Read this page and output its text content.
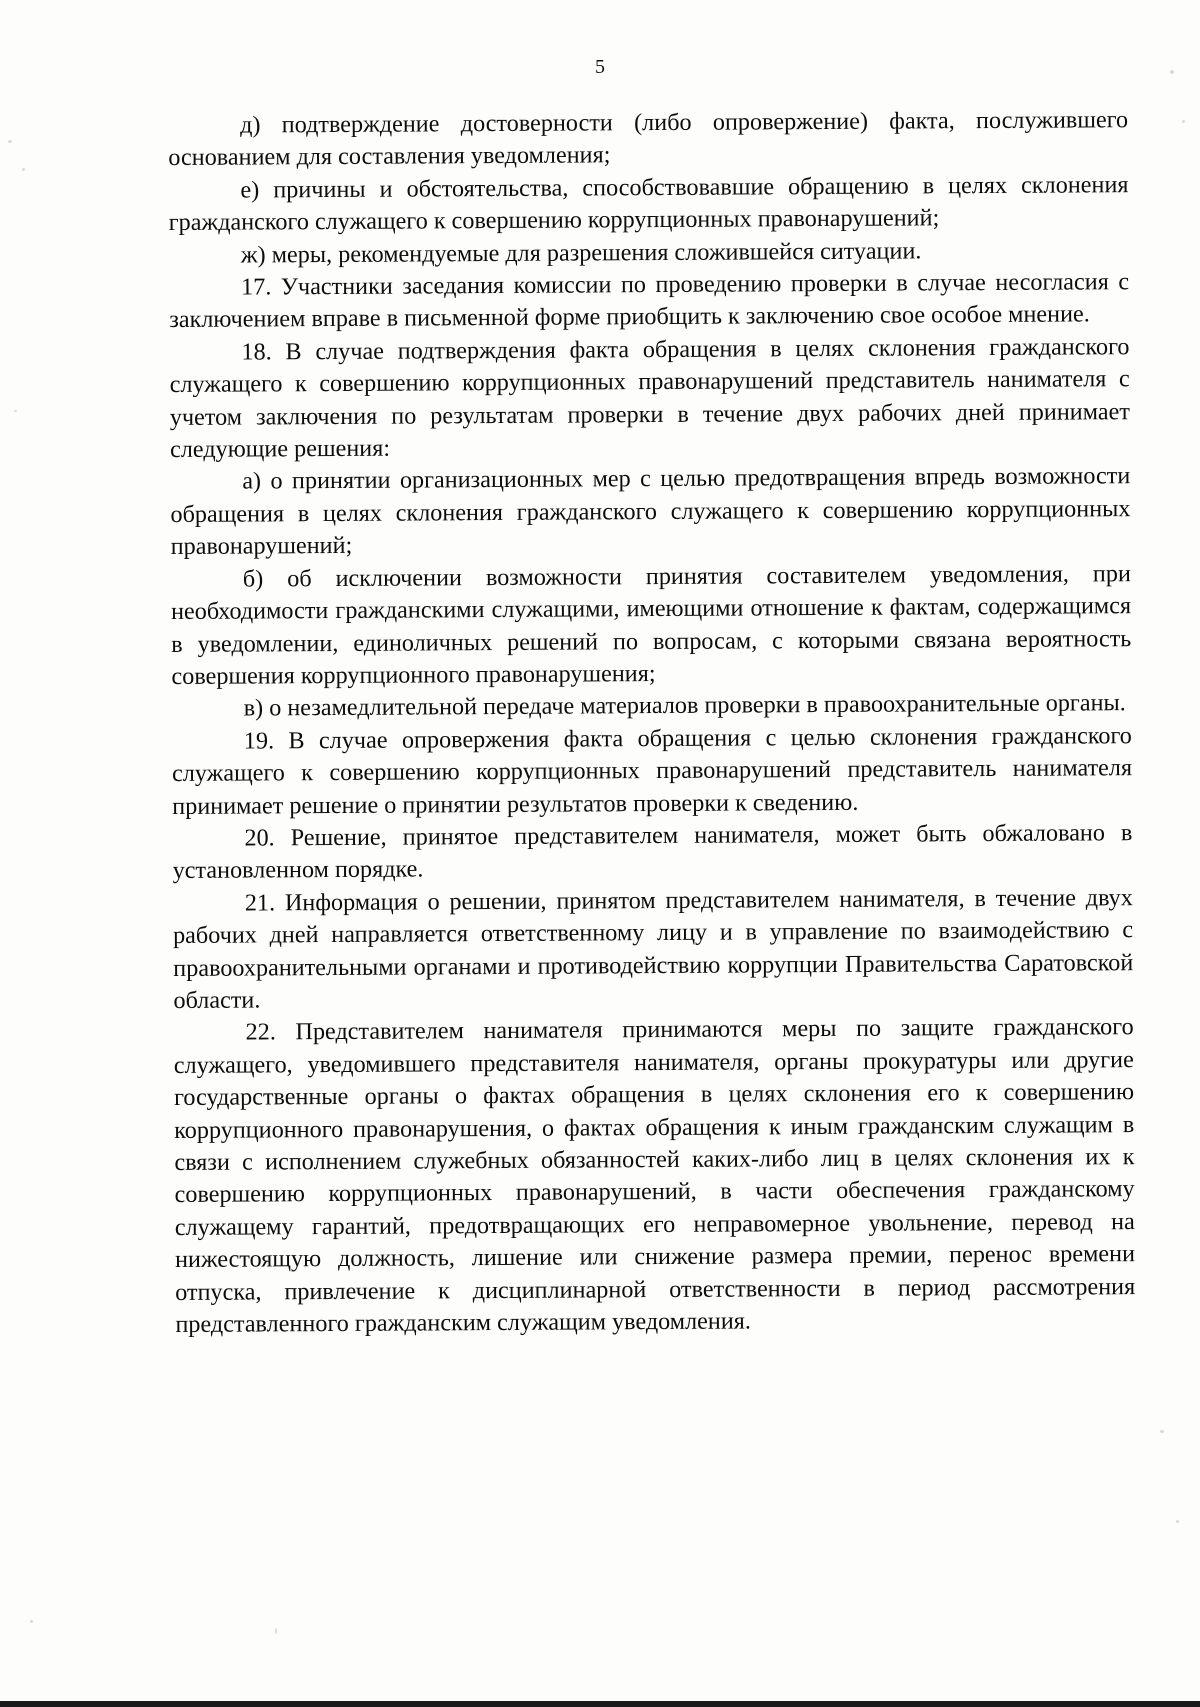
5

д) подтверждение достоверности (либо опровержение) факта, послужившего основанием для составления уведомления;

е) причины и обстоятельства, способствовавшие обращению в целях склонения гражданского служащего к совершению коррупционных правонарушений;

ж) меры, рекомендуемые для разрешения сложившейся ситуации.

17. Участники заседания комиссии по проведению проверки в случае несогласия с заключением вправе в письменной форме приобщить к заключению свое особое мнение.

18. В случае подтверждения факта обращения в целях склонения гражданского служащего к совершению коррупционных правонарушений представитель нанимателя с учетом заключения по результатам проверки в течение двух рабочих дней принимает следующие решения:

а) о принятии организационных мер с целью предотвращения впредь возможности обращения в целях склонения гражданского служащего к совершению коррупционных правонарушений;

б) об исключении возможности принятия составителем уведомления, при необходимости гражданскими служащими, имеющими отношение к фактам, содержащимся в уведомлении, единоличных решений по вопросам, с которыми связана вероятность совершения коррупционного правонарушения;

в) о незамедлительной передаче материалов проверки в правоохранительные органы.

19. В случае опровержения факта обращения с целью склонения гражданского служащего к совершению коррупционных правонарушений представитель нанимателя принимает решение о принятии результатов проверки к сведению.

20. Решение, принятое представителем нанимателя, может быть обжаловано в установленном порядке.

21. Информация о решении, принятом представителем нанимателя, в течение двух рабочих дней направляется ответственному лицу и в управление по взаимодействию с правоохранительными органами и противодействию коррупции Правительства Саратовской области.

22. Представителем нанимателя принимаются меры по защите гражданского служащего, уведомившего представителя нанимателя, органы прокуратуры или другие государственные органы о фактах обращения в целях склонения его к совершению коррупционного правонарушения, о фактах обращения к иным гражданским служащим в связи с исполнением служебных обязанностей каких-либо лиц в целях склонения их к совершению коррупционных правонарушений, в части обеспечения гражданскому служащему гарантий, предотвращающих его неправомерное увольнение, перевод на нижестоящую должность, лишение или снижение размера премии, перенос времени отпуска, привлечение к дисциплинарной ответственности в период рассмотрения представленного гражданским служащим уведомления.
